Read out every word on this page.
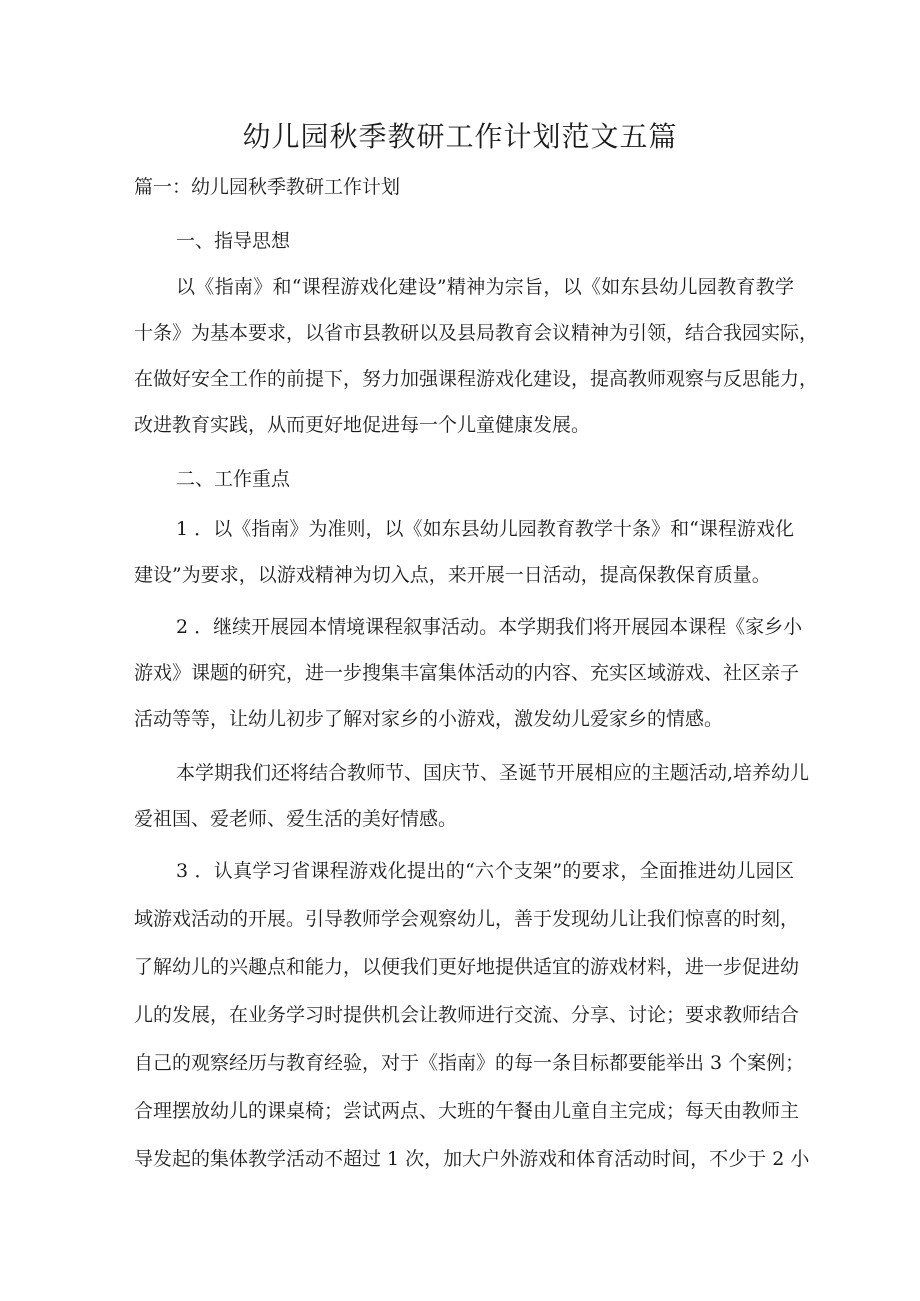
幼儿园秋季教研工作计划范文五篇
篇一：幼儿园秋季教研工作计划

一、指导思想

以《指南》和“课程游戏化建设”精神为宗旨，以《如东县幼儿园教育教学

十条》为基本要求，以省市县教研以及县局教育会议精神为引领，结合我园实际，

在做好安全工作的前提下，努力加强课程游戏化建设，提高教师观察与反思能力，

改进教育实践，从而更好地促进每一个儿童健康发展。

二、工作重点

1 ．以《指南》为准则，以《如东县幼儿园教育教学十条》和“课程游戏化

建设”为要求，以游戏精神为切入点，来开展一日活动，提高保教保育质量。

2 ．继续开展园本情境课程叙事活动。本学期我们将开展园本课程《家乡小

游戏》课题的研究，进一步搜集丰富集体活动的内容、充实区域游戏、社区亲子

活动等等，让幼儿初步了解对家乡的小游戏，激发幼儿爱家乡的情感。

本学期我们还将结合教师节、国庆节、圣诞节开展相应的主题活动,培养幼儿

爱祖国、爱老师、爱生活的美好情感。

3 ．认真学习省课程游戏化提出的“六个支架”的要求，全面推进幼儿园区

域游戏活动的开展。引导教师学会观察幼儿，善于发现幼儿让我们惊喜的时刻，

了解幼儿的兴趣点和能力，以便我们更好地提供适宜的游戏材料，进一步促进幼

儿的发展，在业务学习时提供机会让教师进行交流、分享、讨论；要求教师结合

自己的观察经历与教育经验，对于《指南》的每一条目标都要能举出 3 个案例；

合理摆放幼儿的课桌椅；尝试两点、大班的午餐由儿童自主完成；每天由教师主

导发起的集体教学活动不超过 1 次，加大户外游戏和体育活动时间，不少于 2 小
